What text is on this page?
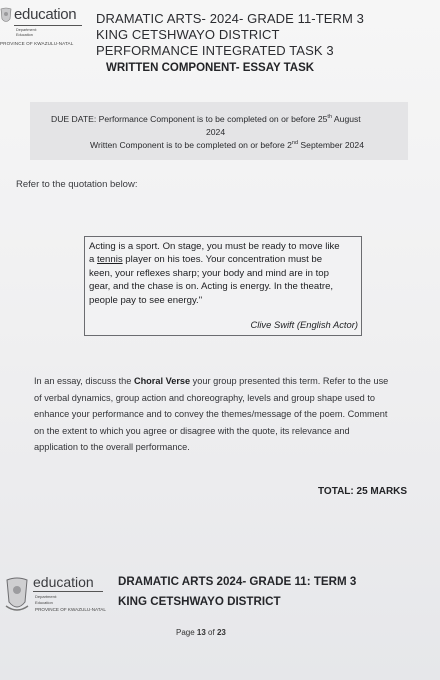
education
Department:
Education
PROVINCE OF KWAZULU-NATAL
DRAMATIC ARTS- 2024- GRADE 11-TERM 3
KING CETSHWAYO DISTRICT
PERFORMANCE INTEGRATED TASK 3
WRITTEN COMPONENT- ESSAY TASK
DUE DATE: Performance Component is to be completed on or before 25th August
2024
Written Component is to be completed on or before 2nd September 2024
Refer to the quotation below:

Acting is a sport. On stage, you must be ready to move like
a tennis player on his toes. Your concentration must be
keen, your reflexes sharp; your body and mind are in top
gear, and the chase is on. Acting is energy. In the theatre,
people pay to see energy."

Clive Swift (English Actor)
In an essay, discuss the Choral Verse your group presented this term. Refer to the use
of verbal dynamics, group action and choreography, levels and group shape used to
enhance your performance and to convey the themes/message of the poem. Comment
on the extent to which you agree or disagree with the quote, its relevance and
application to the overall performance.
TOTAL: 25 MARKS
education
Department:
Education
PROVINCE OF KWAZULU-NATAL
DRAMATIC ARTS 2024- GRADE 11: TERM 3
KING CETSHWAYO DISTRICT
Page 13 of 23
